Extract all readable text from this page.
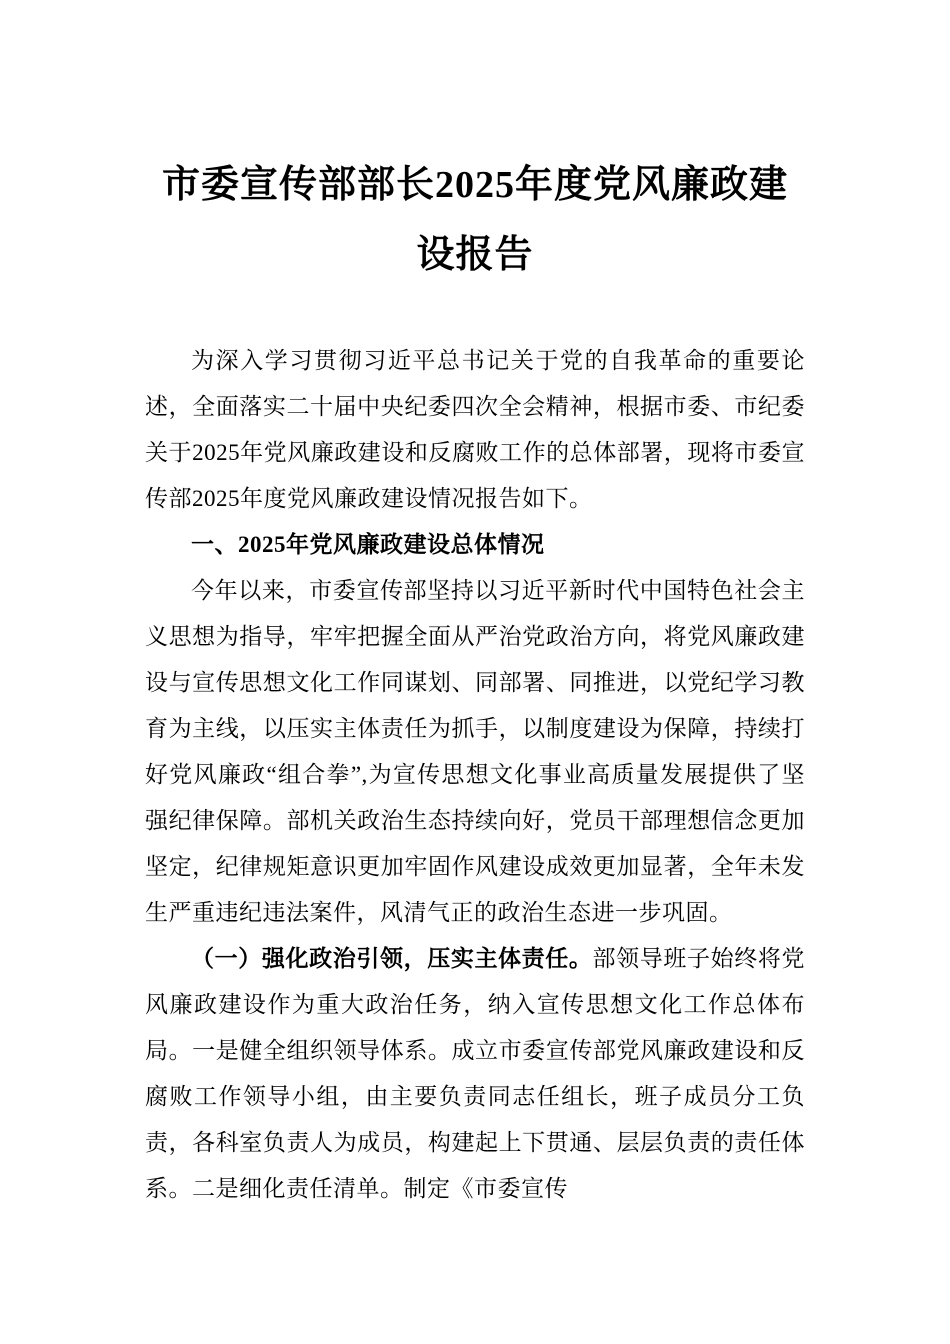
市委宣传部部长2025年度党风廉政建设报告

为深入学习贯彻习近平总书记关于党的自我革命的重要论述，全面落实二十届中央纪委四次全会精神，根据市委、市纪委关于2025年党风廉政建设和反腐败工作的总体部署，现将市委宣传部2025年度党风廉政建设情况报告如下。

一、2025年党风廉政建设总体情况

今年以来，市委宣传部坚持以习近平新时代中国特色社会主义思想为指导，牢牢把握全面从严治党政治方向，将党风廉政建设与宣传思想文化工作同谋划、同部署、同推进，以党纪学习教育为主线，以压实主体责任为抓手，以制度建设为保障，持续打好党风廉政“组合拳”,为宣传思想文化事业高质量发展提供了坚强纪律保障。部机关政治生态持续向好，党员干部理想信念更加坚定，纪律规矩意识更加牢固作风建设成效更加显著，全年未发生严重违纪违法案件，风清气正的政治生态进一步巩固。

（一）强化政治引领，压实主体责任。部领导班子始终将党风廉政建设作为重大政治任务，纳入宣传思想文化工作总体布局。一是健全组织领导体系。成立市委宣传部党风廉政建设和反腐败工作领导小组，由主要负责同志任组长，班子成员分工负责，各科室负责人为成员，构建起上下贯通、层层负责的责任体系。二是细化责任清单。制定《市委宣传
